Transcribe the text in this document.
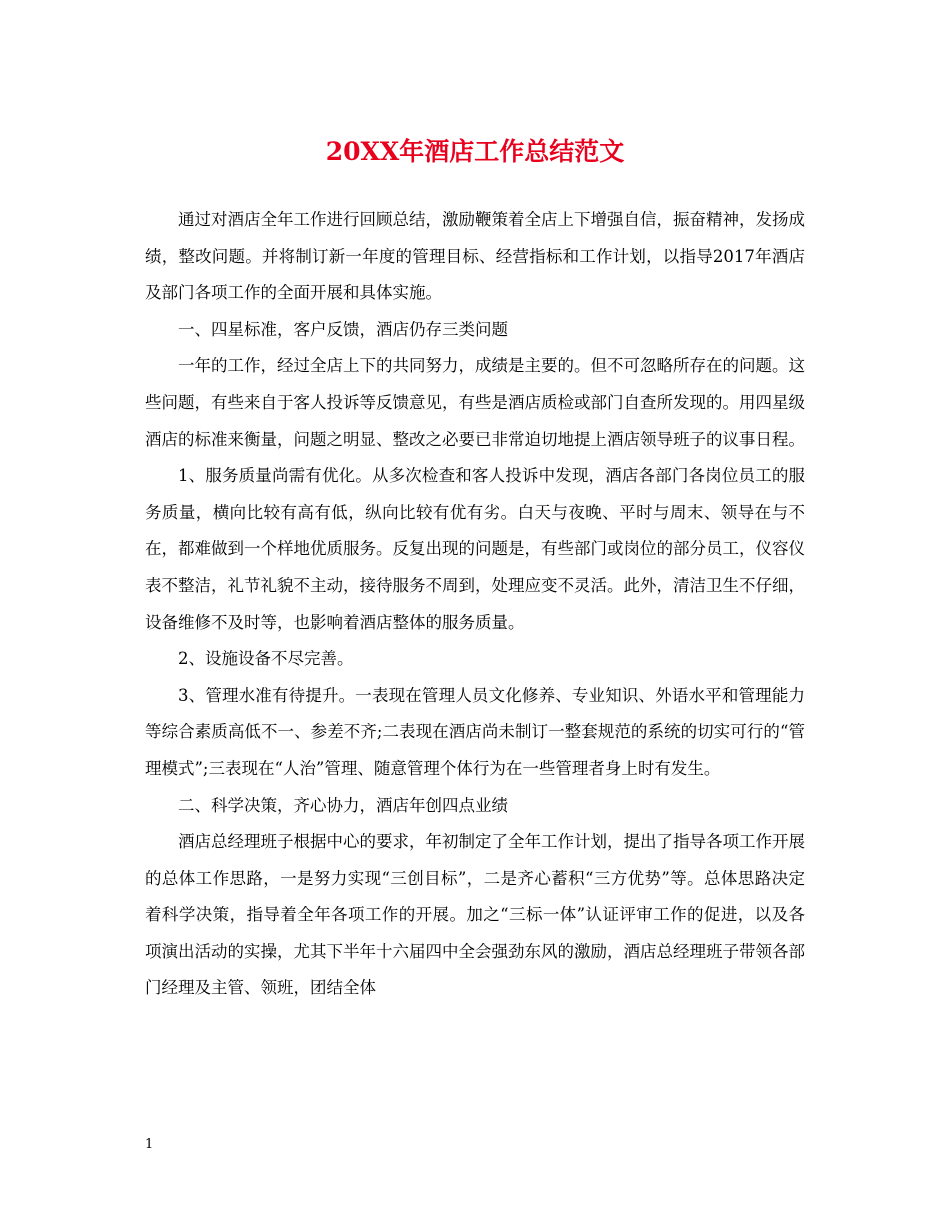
20XX年酒店工作总结范文

通过对酒店全年工作进行回顾总结，激励鞭策着全店上下增强自信，振奋精神，发扬成绩，整改问题。并将制订新一年度的管理目标、经营指标和工作计划，以指导2017年酒店及部门各项工作的全面开展和具体实施。

一、四星标准，客户反馈，酒店仍存三类问题

一年的工作，经过全店上下的共同努力，成绩是主要的。但不可忽略所存在的问题。这些问题，有些来自于客人投诉等反馈意见，有些是酒店质检或部门自查所发现的。用四星级酒店的标准来衡量，问题之明显、整改之必要已非常迫切地提上酒店领导班子的议事日程。

1、服务质量尚需有优化。从多次检查和客人投诉中发现，酒店各部门各岗位员工的服务质量，横向比较有高有低，纵向比较有优有劣。白天与夜晚、平时与周末、领导在与不在，都难做到一个样地优质服务。反复出现的问题是，有些部门或岗位的部分员工，仪容仪表不整洁，礼节礼貌不主动，接待服务不周到，处理应变不灵活。此外，清洁卫生不仔细，设备维修不及时等，也影响着酒店整体的服务质量。

2、设施设备不尽完善。

3、管理水准有待提升。一表现在管理人员文化修养、专业知识、外语水平和管理能力等综合素质高低不一、参差不齐;二表现在酒店尚未制订一整套规范的系统的切实可行的“管理模式”;三表现在“人治”管理、随意管理个体行为在一些管理者身上时有发生。

二、科学决策，齐心协力，酒店年创四点业绩

酒店总经理班子根据中心的要求，年初制定了全年工作计划，提出了指导各项工作开展的总体工作思路，一是努力实现“三创目标”，二是齐心蓄积“三方优势”等。总体思路决定着科学决策，指导着全年各项工作的开展。加之“三标一体”认证评审工作的促进，以及各项演出活动的实操，尤其下半年十六届四中全会强劲东风的激励，酒店总经理班子带领各部门经理及主管、领班，团结全体

1
